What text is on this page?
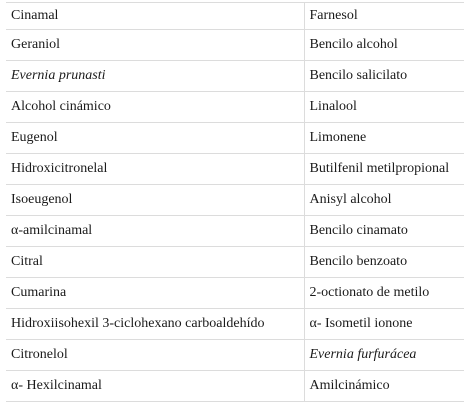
Cinamal	Farnesol
Geraniol	Bencilo alcohol
Evernia prunasti	Bencilo salicilato
Alcohol cinámico	Linalool
Eugenol	Limonene
Hidroxicitronelal	Butilfenil metilpropional
Isoeugenol	Anisyl alcohol
α-amilcinamal	Bencilo cinamato
Citral	Bencilo benzoato
Cumarina	2-octionato de metilo
Hidroxiisohexil 3-ciclohexano carboaldehído	α- Isometil ionone
Citronelol	Evernia furfurácea
α- Hexilcinamal	Amilcinámico
